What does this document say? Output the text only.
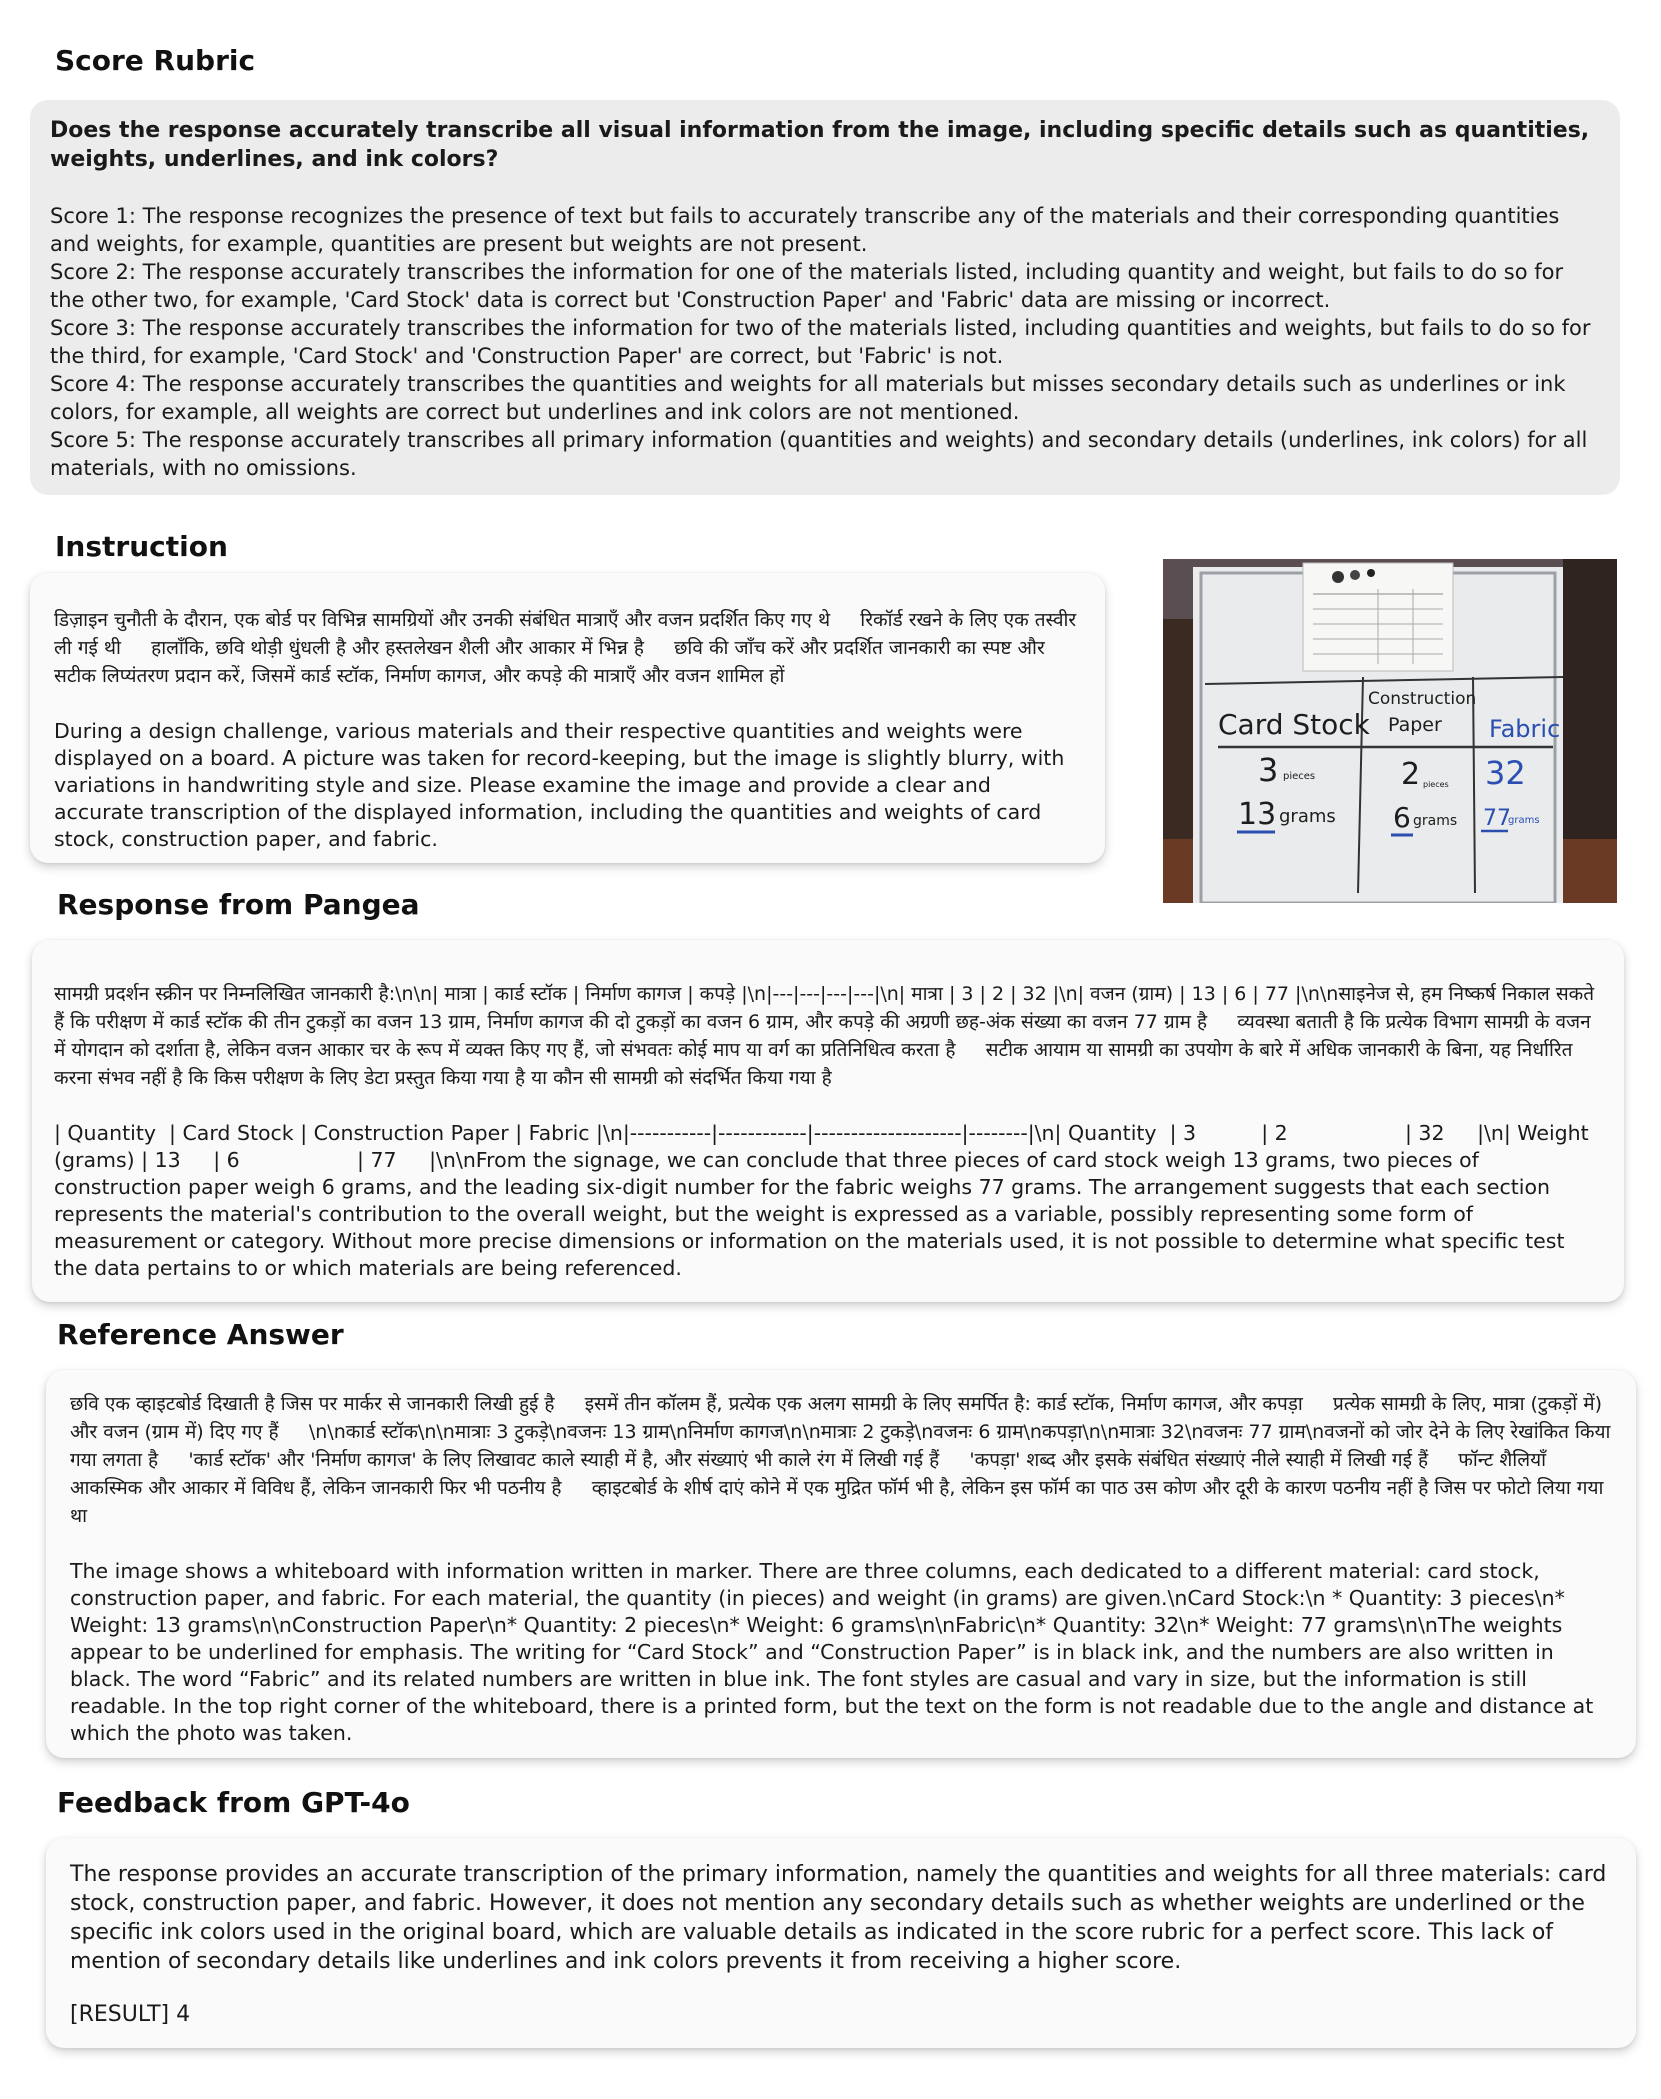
Score Rubric

Does the response accurately transcribe all visual information from the image, including specific details such as quantities, weights, underlines, and ink colors?

Score 1: The response recognizes the presence of text but fails to accurately transcribe any of the materials and their corresponding quantities and weights, for example, quantities are present but weights are not present.

Score 2: The response accurately transcribes the information for one of the materials listed, including quantity and weight, but fails to do so for the other two, for example, 'Card Stock' data is correct but 'Construction Paper' and 'Fabric' data are missing or incorrect.

Score 3: The response accurately transcribes the information for two of the materials listed, including quantities and weights, but fails to do so for the third, for example, 'Card Stock' and 'Construction Paper' are correct, but 'Fabric' is not.

Score 4: The response accurately transcribes the quantities and weights for all materials but misses secondary details such as underlines or ink colors, for example, all weights are correct but underlines and ink colors are not mentioned.

Score 5: The response accurately transcribes all primary information (quantities and weights) and secondary details (underlines, ink colors) for all materials, with no omissions.

Instruction

डिज़ाइन चुनौती के दौरान, एक बोर्ड पर विभिन्न सामग्रियों और उनकी संबंधित मात्राएँ और वजन प्रदर्शित किए गए थे     रिकॉर्ड रखने के लिए एक तस्वीर ली गई थी     हालाँकि, छवि थोड़ी धुंधली है और हस्तलेखन शैली और आकार में भिन्न है     छवि की जाँच करें और प्रदर्शित जानकारी का स्पष्ट और सटीक लिप्यंतरण प्रदान करें, जिसमें कार्ड स्टॉक, निर्माण कागज, और कपड़े की मात्राएँ और वजन शामिल हों

During a design challenge, various materials and their respective quantities and weights were displayed on a board. A picture was taken for record-keeping, but the image is slightly blurry, with variations in handwriting style and size. Please examine the image and provide a clear and accurate transcription of the displayed information, including the quantities and weights of card stock, construction paper, and fabric.

Card Stock
Construction
Paper Fabric
3 pieces	2 pieces 32
13 grams 6 grams 77
grams
Response from Pangea

सामग्री प्रदर्शन स्क्रीन पर निम्नलिखित जानकारी है:\n\n| मात्रा | कार्ड स्टॉक | निर्माण कागज | कपड़े |\n|---|---|---|---|\n| मात्रा | 3 | 2 | 32 |\n| वजन (ग्राम) | 13 | 6 | 77 |\n\nसाइनेज से, हम निष्कर्ष निकाल सकते हैं कि परीक्षण में कार्ड स्टॉक की तीन टुकड़ों का वजन 13 ग्राम, निर्माण कागज की दो टुकड़ों का वजन 6 ग्राम, और कपड़े की अग्रणी छह-अंक संख्या का वजन 77 ग्राम है     व्यवस्था बताती है कि प्रत्येक विभाग सामग्री के वजन में योगदान को दर्शाता है, लेकिन वजन आकार चर के रूप में व्यक्त किए गए हैं, जो संभवतः कोई माप या वर्ग का प्रतिनिधित्व करता है     सटीक आयाम या सामग्री का उपयोग के बारे में अधिक जानकारी के बिना, यह निर्धारित करना संभव नहीं है कि किस परीक्षण के लिए डेटा प्रस्तुत किया गया है या कौन सी सामग्री को संदर्भित किया गया है

| Quantity  | Card Stock | Construction Paper | Fabric |\n|-----------|------------|--------------------|--------|\n| Quantity  | 3          | 2                  | 32     |\n| Weight (grams) | 13     | 6                  | 77     |\n\nFrom the signage, we can conclude that three pieces of card stock weigh 13 grams, two pieces of construction paper weigh 6 grams, and the leading six-digit number for the fabric weighs 77 grams. The arrangement suggests that each section represents the material's contribution to the overall weight, but the weight is expressed as a variable, possibly representing some form of measurement or category. Without more precise dimensions or information on the materials used, it is not possible to determine what specific test the data pertains to or which materials are being referenced.

Reference Answer

छवि एक व्हाइटबोर्ड दिखाती है जिस पर मार्कर से जानकारी लिखी हुई है     इसमें तीन कॉलम हैं, प्रत्येक एक अलग सामग्री के लिए समर्पित है: कार्ड स्टॉक, निर्माण कागज, और कपड़ा     प्रत्येक सामग्री के लिए, मात्रा (टुकड़ों में) और वजन (ग्राम में) दिए गए हैं     \n\nकार्ड स्टॉक\n\nमात्राः 3 टुकड़े\nवजनः 13 ग्राम\nनिर्माण कागज\n\nमात्राः 2 टुकड़े\nवजनः 6 ग्राम\nकपड़ा\n\nमात्राः 32\nवजनः 77 ग्राम\nवजनों को जोर देने के लिए रेखांकित किया गया लगता है     'कार्ड स्टॉक' और 'निर्माण कागज' के लिए लिखावट काले स्याही में है, और संख्याएं भी काले रंग में लिखी गई हैं     'कपड़ा' शब्द और इसके संबंधित संख्याएं नीले स्याही में लिखी गई हैं     फॉन्ट शैलियाँ आकस्मिक और आकार में विविध हैं, लेकिन जानकारी फिर भी पठनीय है     व्हाइटबोर्ड के शीर्ष दाएं कोने में एक मुद्रित फॉर्म भी है, लेकिन इस फॉर्म का पाठ उस कोण और दूरी के कारण पठनीय नहीं है जिस पर फोटो लिया गया था

The image shows a whiteboard with information written in marker. There are three columns, each dedicated to a different material: card stock, construction paper, and fabric. For each material, the quantity (in pieces) and weight (in grams) are given.\nCard Stock:\n * Quantity: 3 pieces\n* Weight: 13 grams\n\nConstruction Paper\n* Quantity: 2 pieces\n* Weight: 6 grams\n\nFabric\n* Quantity: 32\n* Weight: 77 grams\n\nThe weights appear to be underlined for emphasis. The writing for “Card Stock” and “Construction Paper” is in black ink, and the numbers are also written in black. The word “Fabric” and its related numbers are written in blue ink. The font styles are casual and vary in size, but the information is still readable. In the top right corner of the whiteboard, there is a printed form, but the text on the form is not readable due to the angle and distance at which the photo was taken.

Feedback from GPT-4o

The response provides an accurate transcription of the primary information, namely the quantities and weights for all three materials: card stock, construction paper, and fabric. However, it does not mention any secondary details such as whether weights are underlined or the specific ink colors used in the original board, which are valuable details as indicated in the score rubric for a perfect score. This lack of mention of secondary details like underlines and ink colors prevents it from receiving a higher score.

[RESULT] 4
